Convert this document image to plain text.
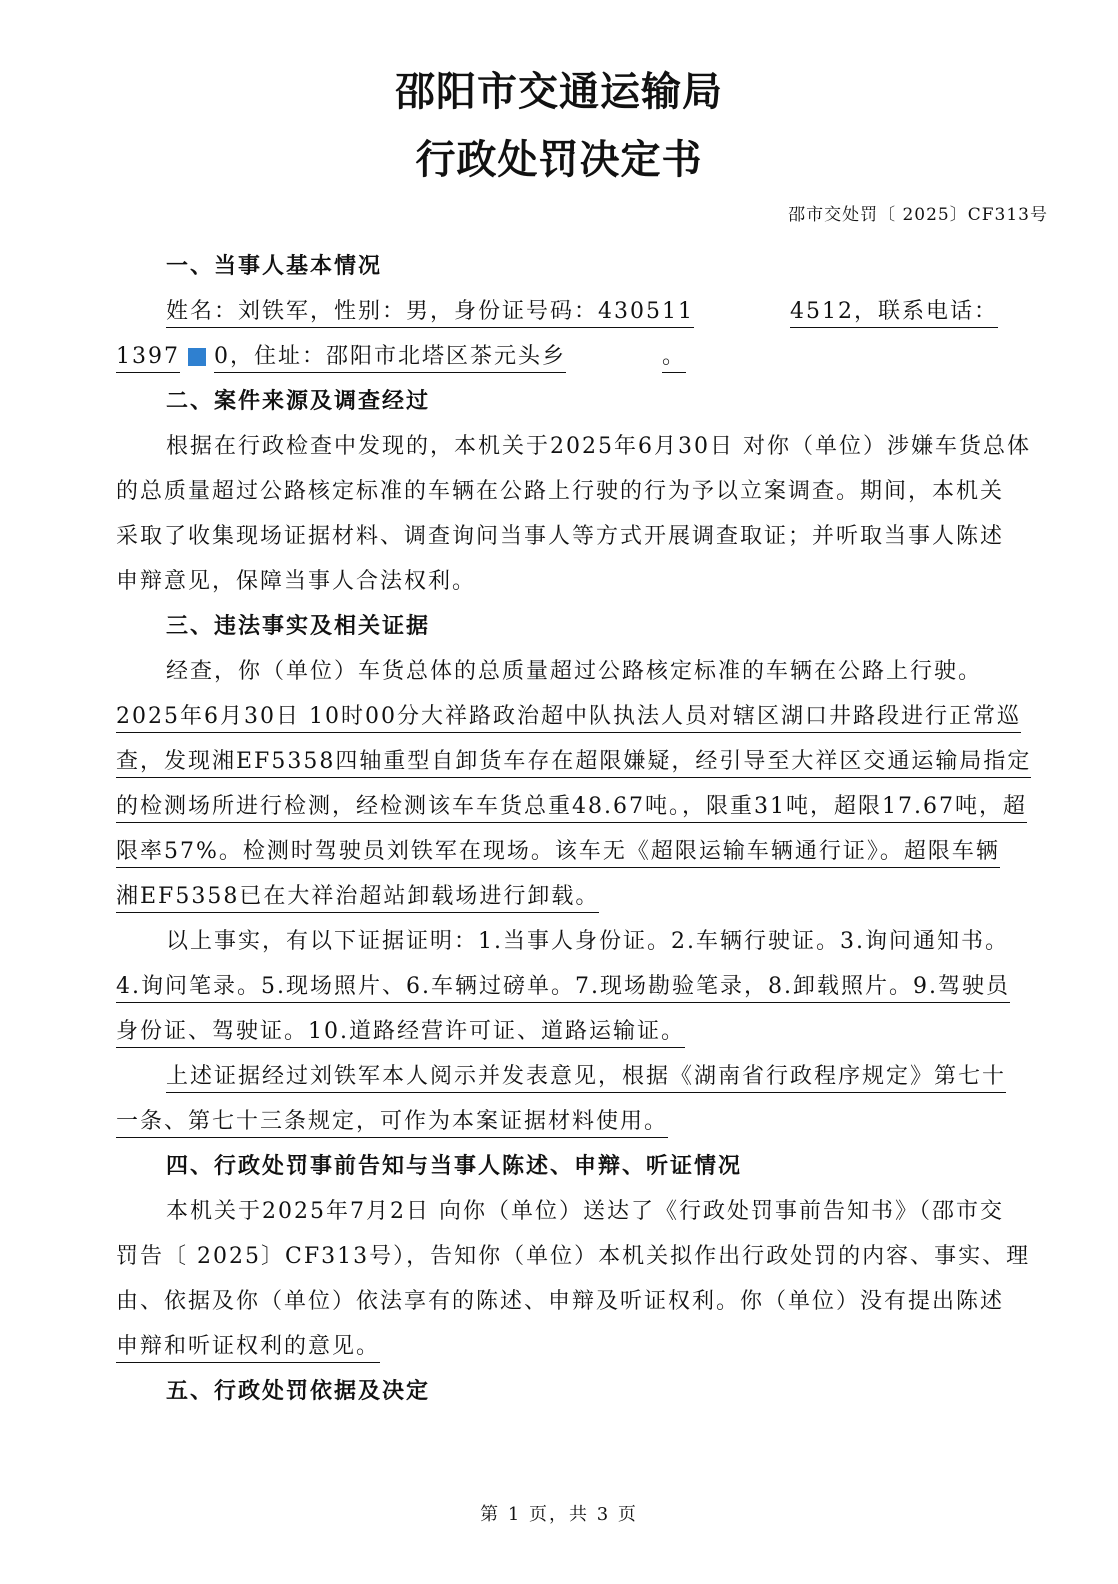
邵阳市交通运输局
行政处罚决定书
邵市交处罚〔 2025〕CF313号
一、当事人基本情况
姓名：刘铁军，性别：男，身份证号码：430511	4512，联系电话：
1397 0，住址：邵阳市北塔区茶元头乡	。
二、案件来源及调查经过
根据在行政检查中发现的，本机关于2025年6月30日 对你（单位）涉嫌车货总体
的总质量超过公路核定标准的车辆在公路上行驶的行为予以立案调查。期间，本机关
采取了收集现场证据材料、调查询问当事人等方式开展调查取证；并听取当事人陈述
申辩意见，保障当事人合法权利。
三、违法事实及相关证据
经查，你（单位）车货总体的总质量超过公路核定标准的车辆在公路上行驶。
2025年6月30日 10时00分大祥路政治超中队执法人员对辖区湖口井路段进行正常巡
查，发现湘EF5358四轴重型自卸货车存在超限嫌疑，经引导至大祥区交通运输局指定
的检测场所进行检测，经检测该车车货总重48.67吨。，限重31吨，超限17.67吨，超
限率57%。检测时驾驶员刘铁军在现场。该车无《超限运输车辆通行证》。超限车辆
湘EF5358已在大祥治超站卸载场进行卸载。
以上事实，有以下证据证明：1.当事人身份证。2.车辆行驶证。3.询问通知书。
4.询问笔录。5.现场照片、6.车辆过磅单。7.现场勘验笔录，8.卸载照片。9.驾驶员
身份证、驾驶证。10.道路经营许可证、道路运输证。
上述证据经过刘铁军本人阅示并发表意见，根据《湖南省行政程序规定》第七十
一条、第七十三条规定，可作为本案证据材料使用。
四、行政处罚事前告知与当事人陈述、申辩、听证情况
本机关于2025年7月2日 向你（单位）送达了《行政处罚事前告知书》（邵市交
罚告〔 2025〕CF313号），告知你（单位）本机关拟作出行政处罚的内容、事实、理
由、依据及你（单位）依法享有的陈述、申辩及听证权利。你（单位）没有提出陈述
申辩和听证权利的意见。
五、行政处罚依据及决定
第 1 页，共 3 页
